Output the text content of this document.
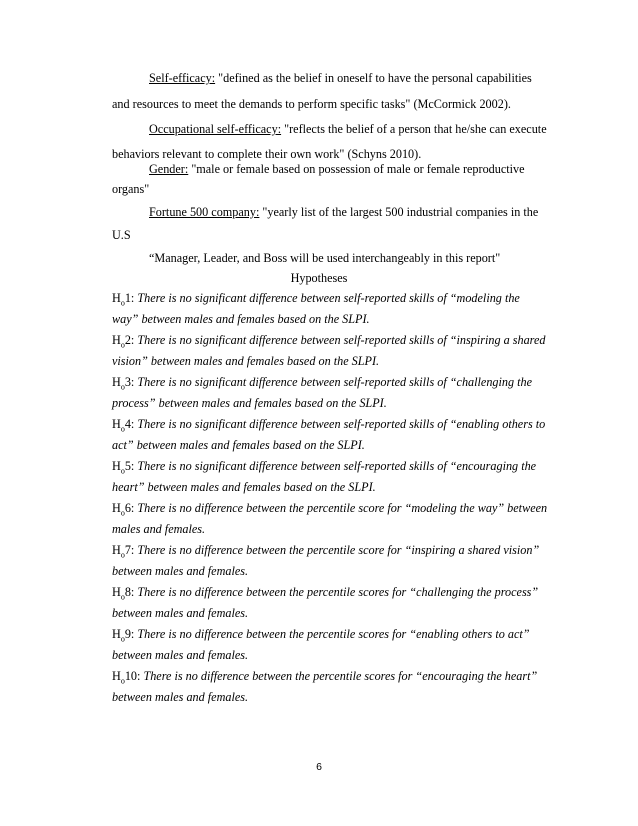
Self-efficacy: "defined as the belief in oneself to have the personal capabilities
and resources to meet the demands to perform specific tasks" (McCormick 2002).
Occupational self-efficacy: "reflects the belief of a person that he/she can execute
behaviors relevant to complete their own work" (Schyns 2010).
Gender: "male or female based on possession of male or female reproductive
organs"
Fortune 500 company: "yearly list of the largest 500 industrial companies in the
U.S
“Manager, Leader, and Boss will be used interchangeably in this report"
Hypotheses
$H_o1$: There is no significant difference between self-reported skills of “modeling the
way” between males and females based on the SLPI.
$H_o2$: There is no significant difference between self-reported skills of “inspiring a shared
vision” between males and females based on the SLPI.
$H_o3$: There is no significant difference between self-reported skills of “challenging the
process” between males and females based on the SLPI.
$H_o4$: There is no significant difference between self-reported skills of “enabling others to
act” between males and females based on the SLPI.
$H_o5$: There is no significant difference between self-reported skills of “encouraging the
heart” between males and females based on the SLPI.
$H_o6$: There is no difference between the percentile score for “modeling the way” between
males and females.
$H_o7$: There is no difference between the percentile score for “inspiring a shared vision”
between males and females.
$H_o8$: There is no difference between the percentile scores for “challenging the process”
between males and females.
$H_o9$: There is no difference between the percentile scores for “enabling others to act”
between males and females.
$H_o10$: There is no difference between the percentile scores for “encouraging the heart”
between males and females.
6
